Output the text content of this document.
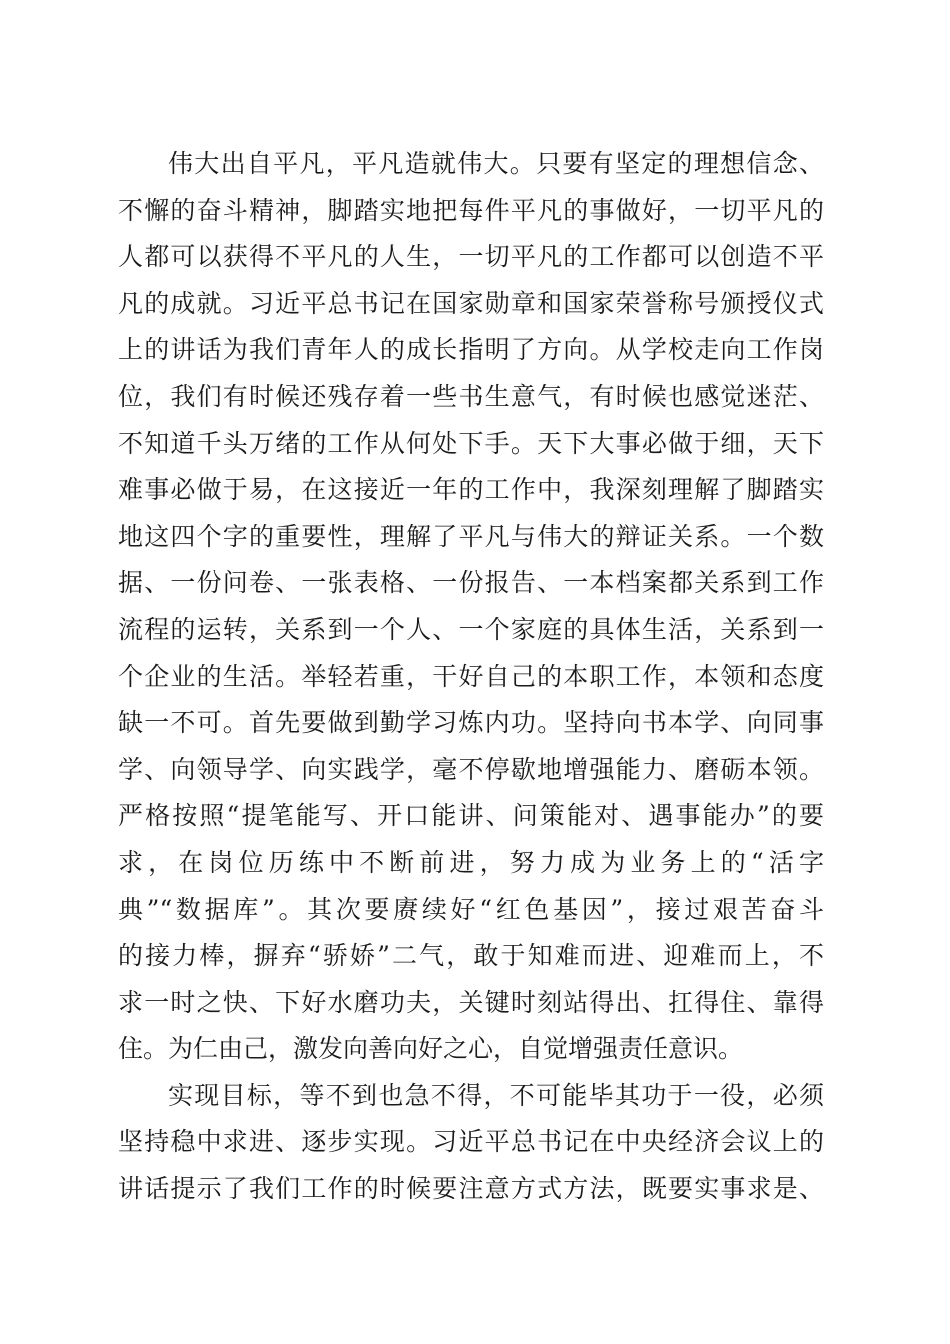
伟大出自平凡，平凡造就伟大。只要有坚定的理想信念、
不懈的奋斗精神，脚踏实地把每件平凡的事做好，一切平凡的
人都可以获得不平凡的人生，一切平凡的工作都可以创造不平
凡的成就。习近平总书记在国家勋章和国家荣誉称号颁授仪式
上的讲话为我们青年人的成长指明了方向。从学校走向工作岗
位，我们有时候还残存着一些书生意气，有时候也感觉迷茫、
不知道千头万绪的工作从何处下手。天下大事必做于细，天下
难事必做于易，在这接近一年的工作中，我深刻理解了脚踏实
地这四个字的重要性，理解了平凡与伟大的辩证关系。一个数
据、一份问卷、一张表格、一份报告、一本档案都关系到工作
流程的运转，关系到一个人、一个家庭的具体生活，关系到一
个企业的生活。举轻若重，干好自己的本职工作，本领和态度
缺一不可。首先要做到勤学习炼内功。坚持向书本学、向同事
学、向领导学、向实践学，毫不停歇地增强能力、磨砺本领。
严格按照“提笔能写、开口能讲、问策能对、遇事能办”的要
求，在岗位历练中不断前进，努力成为业务上的“活字
典”“数据库”。其次要赓续好“红色基因”，接过艰苦奋斗
的接力棒，摒弃“骄娇”二气，敢于知难而进、迎难而上，不
求一时之快、下好水磨功夫，关键时刻站得出、扛得住、靠得
住。为仁由己，激发向善向好之心，自觉增强责任意识。
实现目标，等不到也急不得，不可能毕其功于一役，必须
坚持稳中求进、逐步实现。习近平总书记在中央经济会议上的
讲话提示了我们工作的时候要注意方式方法，既要实事求是、
